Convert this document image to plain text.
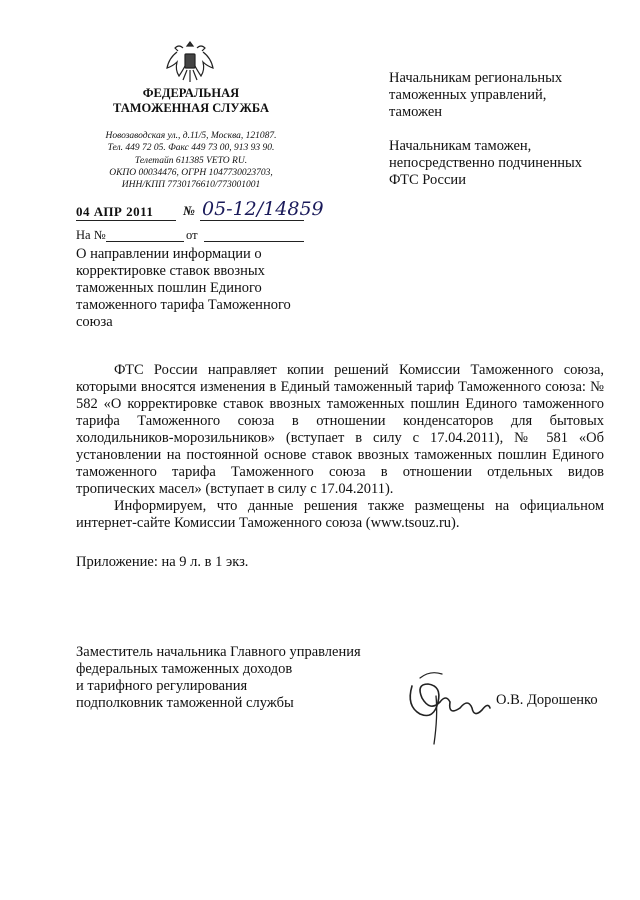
ФЕДЕРАЛЬНАЯ
ТАМОЖЕННАЯ СЛУЖБА
Новозаводская ул., д.11/5, Москва, 121087.
Тел. 449 72 05. Факс 449 73 00, 913 93 90.
Телетайп 611385 VETO RU.
ОКПО 00034476, ОГРН 1047730023703,
ИНН/КПП 7730176610/773001001
04 АПР 2011 № 05-12/14859
На №	от
О направлении информации о корректировке ставок ввозных таможенных пошлин Единого таможенного тарифа Таможенного союза

Начальникам региональных
таможенных управлений,
таможен

Начальникам таможен,
непосредственно подчиненных
ФТС России

ФТС России направляет копии решений Комиссии Таможенного союза, которыми вносятся изменения в Единый таможенный тариф Таможенного союза: № 582 «О корректировке ставок ввозных таможенных пошлин Единого таможенного тарифа Таможенного союза в отношении конденсаторов для бытовых холодильников-морозильников» (вступает в силу с 17.04.2011), № 581 «Об установлении на постоянной основе ставок ввозных таможенных пошлин Единого таможенного тарифа Таможенного союза в отношении отдельных видов тропических масел» (вступает в силу с 17.04.2011).

Информируем, что данные решения также размещены на официальном интернет-сайте Комиссии Таможенного союза (www.tsouz.ru).

Приложение: на 9 л. в 1 экз.
Заместитель начальника Главного управления
федеральных таможенных доходов
и тарифного регулирования
подполковник таможенной службы	О.В. Дорошенко
